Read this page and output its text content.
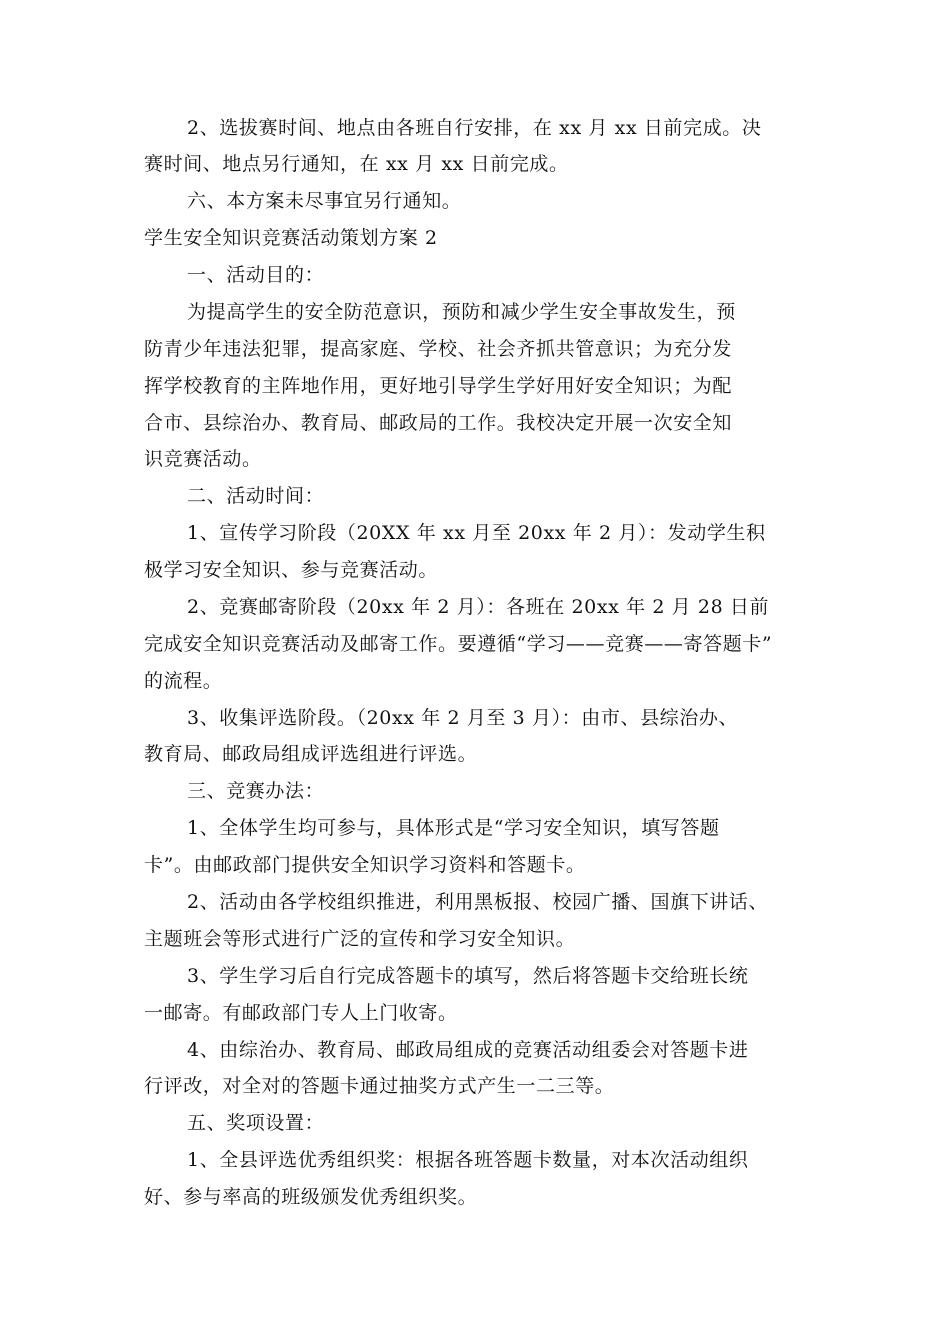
2、选拔赛时间、地点由各班自行安排，在 xx 月 xx 日前完成。决
赛时间、地点另行通知，在 xx 月 xx 日前完成。
六、本方案未尽事宜另行通知。
学生安全知识竞赛活动策划方案 2
一、活动目的：
为提高学生的安全防范意识，预防和减少学生安全事故发生，预
防青少年违法犯罪，提高家庭、学校、社会齐抓共管意识；为充分发
挥学校教育的主阵地作用，更好地引导学生学好用好安全知识；为配
合市、县综治办、教育局、邮政局的工作。我校决定开展一次安全知
识竞赛活动。
二、活动时间：
1、宣传学习阶段（20XX 年 xx 月至 20xx 年 2 月）：发动学生积
极学习安全知识、参与竞赛活动。
2、竞赛邮寄阶段（20xx 年 2 月）：各班在 20xx 年 2 月 28 日前
完成安全知识竞赛活动及邮寄工作。要遵循“学习——竞赛——寄答题卡”
的流程。
3、收集评选阶段。（20xx 年 2 月至 3 月）：由市、县综治办、
教育局、邮政局组成评选组进行评选。
三、竞赛办法：
1、全体学生均可参与，具体形式是“学习安全知识，填写答题
卡”。由邮政部门提供安全知识学习资料和答题卡。
2、活动由各学校组织推进，利用黑板报、校园广播、国旗下讲话、
主题班会等形式进行广泛的宣传和学习安全知识。
3、学生学习后自行完成答题卡的填写，然后将答题卡交给班长统
一邮寄。有邮政部门专人上门收寄。
4、由综治办、教育局、邮政局组成的竞赛活动组委会对答题卡进
行评改，对全对的答题卡通过抽奖方式产生一二三等。
五、奖项设置：
1、全县评选优秀组织奖：根据各班答题卡数量，对本次活动组织
好、参与率高的班级颁发优秀组织奖。
